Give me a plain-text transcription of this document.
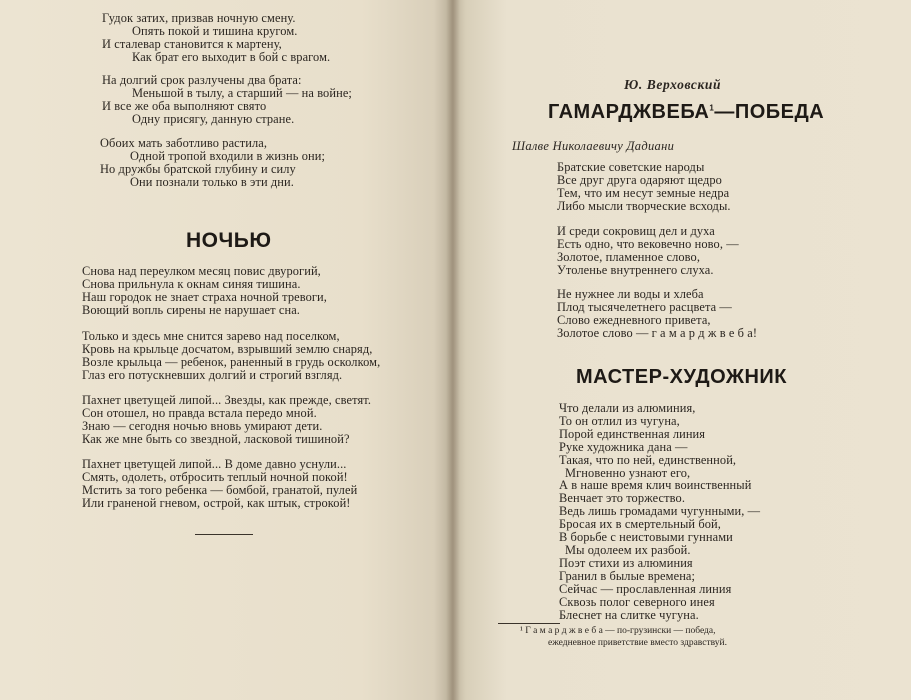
Гудок затих, призвав ночную смену.
Опять покой и тишина кругом.
И сталевар становится к мартену,
Как брат его выходит в бой с врагом.
На долгий срок разлучены два брата:
Меньшой в тылу, а старший — на войне;
И все же оба выполняют свято
Одну присягу, данную стране.
Обоих мать заботливо растила,
Одной тропой входили в жизнь они;
Но дружбы братской глубину и силу
Они познали только в эти дни.
НОЧЬЮ
Снова над переулком месяц повис двурогий,
Снова прильнула к окнам синяя тишина.
Наш городок не знает страха ночной тревоги,
Воющий вопль сирены не нарушает сна.
Только и здесь мне снится зарево над поселком,
Кровь на крыльце досчатом, взрывший землю снаряд,
Возле крыльца — ребенок, раненный в грудь осколком,
Глаз его потускневших долгий и строгий взгляд.
Пахнет цветущей липой... Звезды, как прежде, светят.
Сон отошел, но правда встала передо мной.
Знаю — сегодня ночью вновь умирают дети.
Как же мне быть со звездной, ласковой тишиной?
Пахнет цветущей липой... В доме давно уснули...
Смять, одолеть, отбросить теплый ночной покой!
Мстить за того ребенка — бомбой, гранатой, пулей
Или граненой гневом, острой, как штык, строкой!

Ю. Верховский

ГАМАРДЖВЕБА$^1$—ПОБЕДА

Шалве Николаевичу Дадиани

Братские советские народы
Все друг друга одаряют щедро
Тем, что им несут земные недра
Либо мысли творческие всходы.
И среди сокровищ дел и духа
Есть одно, что вековечно ново, —
Золотое, пламенное слово,
Утоленье внутреннего слуха.
Не нужнее ли воды и хлеба
Плод тысячелетнего расцвета —
Слово ежедневного привета,
Золотое слово — г а м а р д ж в е б а!
МАСТЕР-ХУДОЖНИК
Что делали из алюминия,
То он отлил из чугуна,
Порой единственная линия
Руке художника дана —
Такая, что по ней, единственной,
Мгновенно узнают его,
А в наше время клич воинственный
Венчает это торжество.
Ведь лишь громадами чугунными, —
Бросая их в смертельный бой,
В борьбе с неистовыми гуннами
Мы одолеем их разбой.
Поэт стихи из алюминия
Гранил в былые времена;
Сейчас — прославленная линия
Сквозь полог северного инея
Блеснет на слитке чугуна.
¹ Г а м а р д ж в е б а — по-грузински — победа,
ежедневное приветствие вместо здравствуй.
